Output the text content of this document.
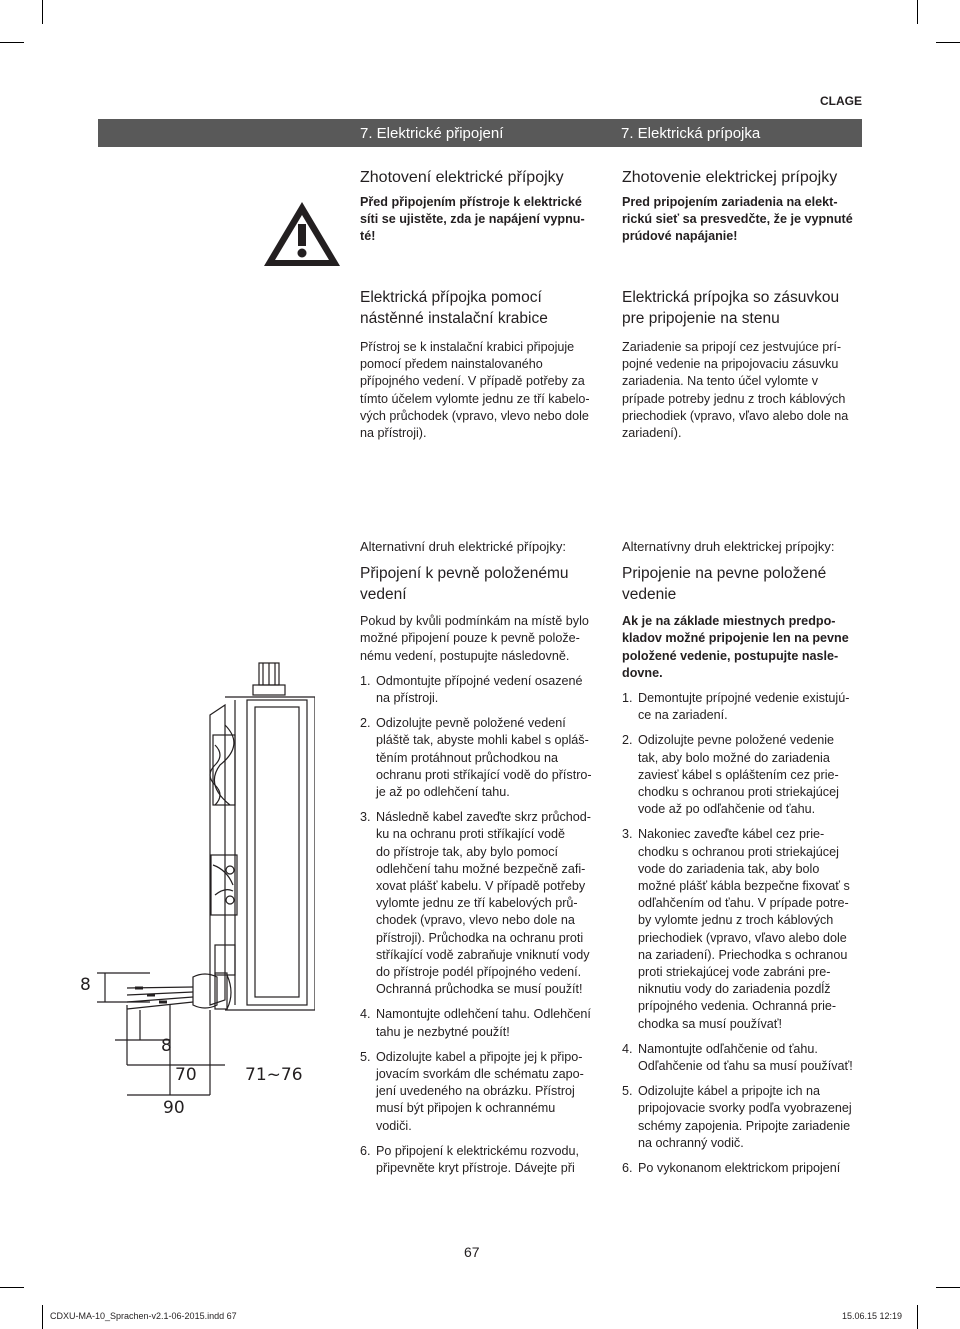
CLAGE
7. Elektrické připojení	7. Elektrická prípojka

Zhotovení elektrické přípojky

Před připojením přístroje k elektrické
síti se ujistěte, zda je napájení vypnu-
té!

Zhotovenie elektrickej prípojky

Pred pripojením zariadenia na elekt-
rickú sieť sa presvedčte, že je vypnuté
prúdové napájanie!

Elektrická přípojka pomocí
nástěnné instalační krabice

Přístroj se k instalační krabici připojuje
pomocí předem nainstalovaného
přípojného vedení. V případě potřeby za
tímto účelem vylomte jednu ze tří kabelo-
vých průchodek (vpravo, vlevo nebo dole
na přístroji).

Elektrická prípojka so zásuvkou
pre pripojenie na stenu

Zariadenie sa pripojí cez jestvujúce prí-
pojné vedenie na pripojovaciu zásuvku
zariadenia. Na tento účel vylomte v
prípade potreby jednu z troch káblových
priechodiek (vpravo, vľavo alebo dole na
zariadení).

Alternativní druh elektrické přípojky:

Připojení k pevně položenému
vedení

Pokud by kvůli podmínkám na místě bylo
možné připojení pouze k pevně polože-
nému vedení, postupujte následovně.

1. Odmontujte přípojné vedení osazené
na přístroji.
2. Odizolujte pevně položené vedení
pláště tak, abyste mohli kabel s opláš-
těním protáhnout průchodkou na
ochranu proti stříkající vodě do přístro-
je až po odlehčení tahu.
3. Následně kabel zaveďte skrz průchod-
ku na ochranu proti stříkající vodě
do přístroje tak, aby bylo pomocí
odlehčení tahu možné bezpečně zafi-
xovat plášť kabelu. V případě potřeby
vylomte jednu ze tří kabelových prů-
chodek (vpravo, vlevo nebo dole na
přístroji). Průchodka na ochranu proti
stříkající vodě zabraňuje vniknutí vody
do přístroje podél přípojného vedení.
Ochranná průchodka se musí použít!
4. Namontujte odlehčení tahu. Odlehčení
tahu je nezbytné použít!
5. Odizolujte kabel a připojte jej k připo-
jovacím svorkám dle schématu zapo-
jení uvedeného na obrázku. Přístroj
musí být připojen k ochrannému
vodiči.
6. Po připojení k elektrickému rozvodu,
připevněte kryt přístroje. Dávejte při

Alternatívny druh elektrickej prípojky:

Pripojenie na pevne položené
vedenie

Ak je na základe miestnych predpo-
kladov možné pripojenie len na pevne
položené vedenie, postupujte nasle-
dovne.

1. Demontujte prípojné vedenie existujú-
ce na zariadení.
2. Odizolujte pevne položené vedenie
tak, aby bolo možné do zariadenia
zaviesť kábel s opláštením cez prie-
chodku s ochranou proti striekajúcej
vode až po odľahčenie od ťahu.
3. Nakoniec zaveďte kábel cez prie-
chodku s ochranou proti striekajúcej
vode do zariadenia tak, aby bolo
možné plášť kábla bezpečne fixovať s
odľahčením od ťahu. V prípade potre-
by vylomte jednu z troch káblových
priechodiek (vpravo, vľavo alebo dole
na zariadení). Priechodka s ochranou
proti striekajúcej vode zabráni pre-
niknutiu vody do zariadenia pozdĺž
prípojného vedenia. Ochranná prie-
chodka sa musí používať!
4. Namontujte odľahčenie od ťahu.
Odľahčenie od ťahu sa musí používať!
5. Odizolujte kábel a pripojte ich na
pripojovacie svorky podľa vyobrazenej
schémy zapojenia. Pripojte zariadenie
na ochranný vodič.
6. Po vykonanom elektrickom pripojení
8
8
70
90
71~76
67
CDXU-MA-10_Sprachen-v2.1-06-2015.indd 67	15.06.15 12:19
